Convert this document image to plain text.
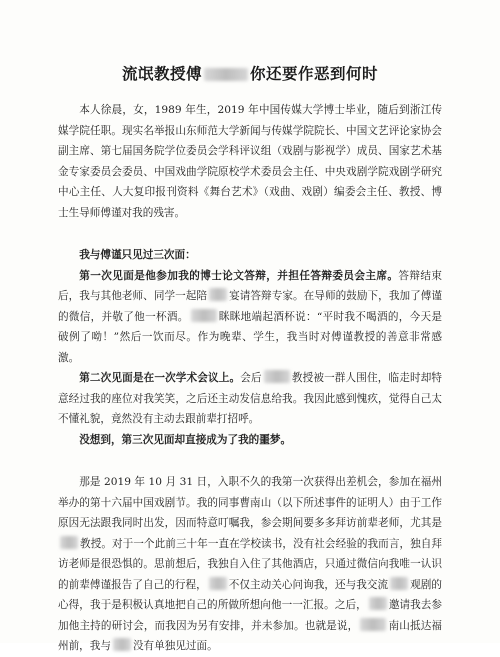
流氓教授傅	你还要作恶到何时

本人徐晨，女，1989 年生，2019 年中国传媒大学博士毕业，随后到浙江传媒学院任职。现实名举报山东师范大学新闻与传媒学院院长、中国文艺评论家协会副主席、第七届国务院学位委员会学科评议组（戏剧与影视学）成员、国家艺术基金专家委员会委员、中国戏曲学院原校学术委员会主任、中央戏剧学院戏剧学研究中心主任、人大复印报刊资料《舞台艺术》（戏曲、戏剧）编委会主任、教授、博士生导师傅谨对我的残害。

我与傅谨只见过三次面：

第一次见面是他参加我的博士论文答辩，并担任答辩委员会主席。答辩结束后，我与其他老师、同学一起陪 宴请答辩专家。在导师的鼓励下，我加了傅谨的微信，并敬了他一杯酒。	眯眯地端起酒杯说：“平时我不喝酒的，今天是破例了呦！”然后一饮而尽。作为晚辈、学生，我当时对傅谨教授的善意非常感激。

第二次见面是在一次学术会议上。会后	教授被一群人围住，临走时却特意经过我的座位对我笑笑，之后还主动发信息给我。我因此感到愧疚，觉得自己太不懂礼貌，竟然没有主动去跟前辈打招呼。

没想到，第三次见面却直接成为了我的噩梦。

那是 2019 年 10 月 31 日，入职不久的我第一次获得出差机会，参加在福州举办的第十六届中国戏剧节。我的同事曹南山（以下所述事件的证明人）由于工作原因无法跟我同时出发，因而特意叮嘱我，参会期间要多多拜访前辈老师，尤其是教授。对于一个此前三十年一直在学校读书，没有社会经验的我而言，独自拜访老师是很恐惧的。思前想后，我独自入住了其他酒店，只通过微信向我唯一认识的前辈傅谨报告了自己的行程， 不仅主动关心问询我，还与我交流 观剧的心得，我于是积极认真地把自己的所做所想向他一一汇报。之后， 邀请我去参加他主持的研讨会，而我因为另有安排，并未参加。也就是说，	南山抵达福州前，我与 没有单独见过面。
